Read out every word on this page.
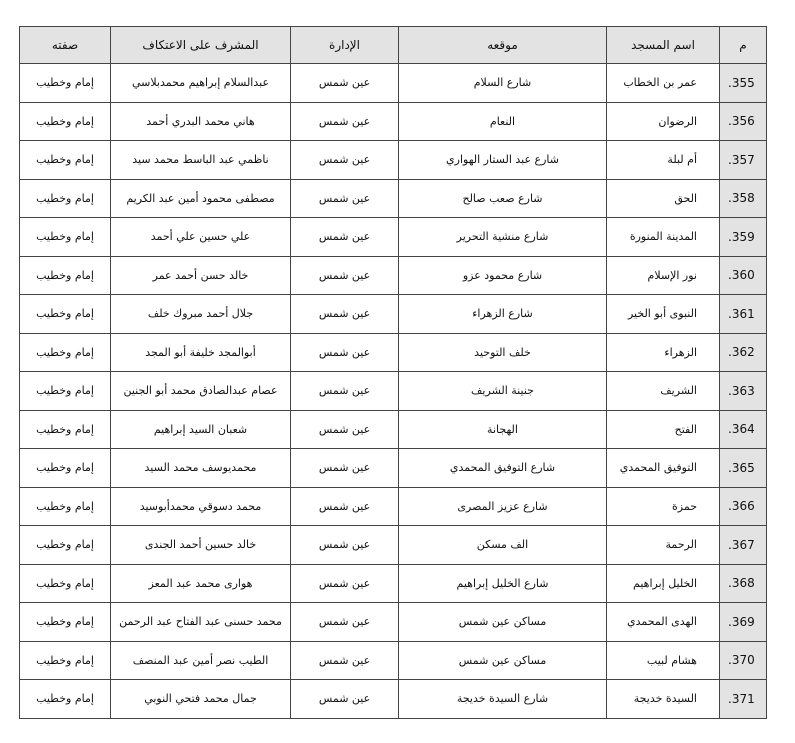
م	اسم المسجد	موقعه	الإدارة	المشرف على الاعتكاف	صفته
355.	عمر بن الخطاب	شارع السلام	عين شمس	عبدالسلام إبراهيم محمدبلاسي	إمام وخطيب
356.	الرضوان	النعام	عين شمس	هاني محمد البدري أحمد	إمام وخطيب
357.	أم لبلة	شارع عبد الستار الهواري	عين شمس	ناظمي عبد الباسط محمد سيد	إمام وخطيب
358.	الحق	شارع صعب صالح	عين شمس	مصطفى محمود أمين عبد الكريم	إمام وخطيب
359.	المدينة المنورة	شارع منشية التحرير	عين شمس	علي حسين علي أحمد	إمام وخطيب
360.	نور الإسلام	شارع محمود عزو	عين شمس	خالد حسن أحمد عمر	إمام وخطيب
361.	النبوى أبو الخير	شارع الزهراء	عين شمس	جلال أحمد مبروك خلف	إمام وخطيب
362.	الزهراء	خلف التوحيد	عين شمس	أبوالمجد خليفة أبو المجد	إمام وخطيب
363.	الشريف	جنينة الشريف	عين شمس	عصام عبدالصادق محمد أبو الجنين	إمام وخطيب
364.	الفتح	الهجانة	عين شمس	شعبان السيد إبراهيم	إمام وخطيب
365.	التوفيق المحمدي	شارع التوفيق المحمدي	عين شمس	محمديوسف محمد السيد	إمام وخطيب
366.	حمزة	شارع عزيز المصرى	عين شمس	محمد دسوقي محمدأبوسيد	إمام وخطيب
367.	الرحمة	الف مسكن	عين شمس	خالد حسين أحمد الجندى	إمام وخطيب
368.	الخليل إبراهيم	شارع الخليل إبراهيم	عين شمس	هوارى محمد عبد المعز	إمام وخطيب
369.	الهدى المحمدي	مساكن عين شمس	عين شمس	محمد حسنى عبد الفتاح عبد الرحمن	إمام وخطيب
370.	هشام لبيب	مساكن عين شمس	عين شمس	الطيب نصر أمين عبد المنصف	إمام وخطيب
371.	السيدة خديجة	شارع السيدة خديجة	عين شمس	جمال محمد فتحي النوبي	إمام وخطيب
